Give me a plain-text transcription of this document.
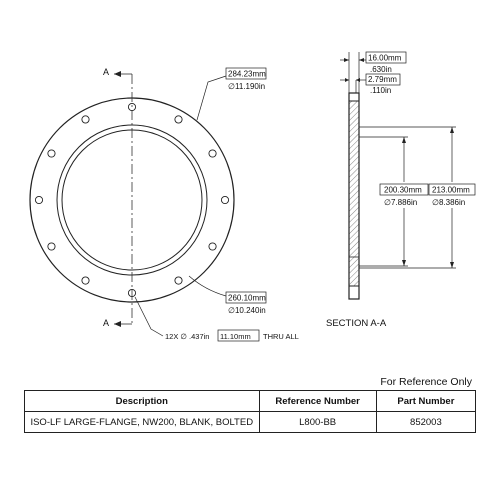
A
A
284.23mm
∅11.190in
260.10mm
∅10.240in
12X ∅ .437in 11.10mm THRU ALL
16.00mm
.630in
2.79mm
.110in
200.30mm
∅7.886in
213.00mm
∅8.386in
SECTION A-A
For Reference Only
Description	Reference Number	Part Number
ISO-LF LARGE-FLANGE, NW200, BLANK, BOLTED	L800-BB	852003
